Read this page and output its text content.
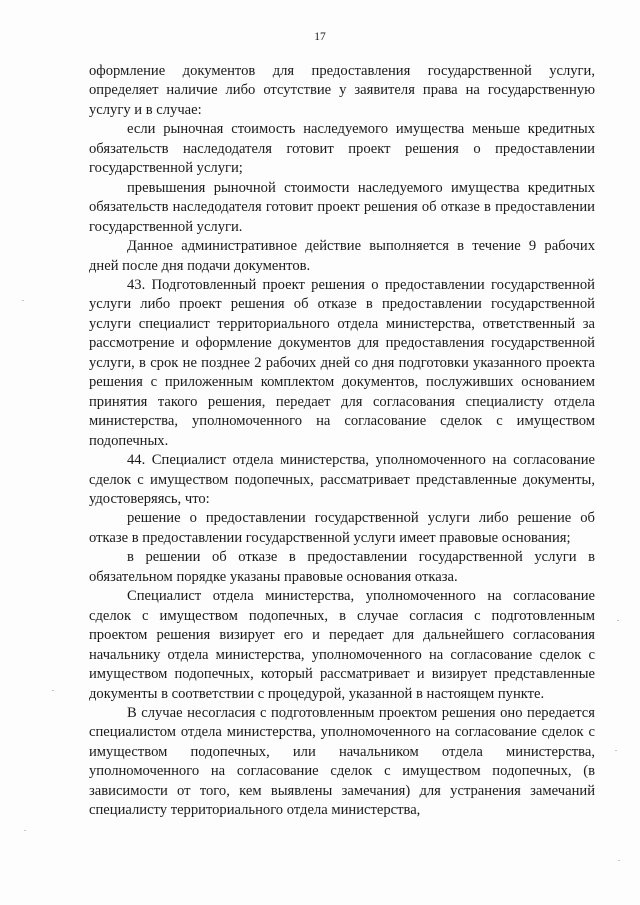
17

оформление документов для предоставления государственной услуги, определяет наличие либо отсутствие у заявителя права на государственную услугу и в случае:

если рыночная стоимость наследуемого имущества меньше кредитных обязательств наследодателя готовит проект решения о предоставлении государственной услуги;

превышения рыночной стоимости наследуемого имущества кредитных обязательств наследодателя готовит проект решения об отказе в предоставлении государственной услуги.

Данное административное действие выполняется в течение 9 рабочих дней после дня подачи документов.

43. Подготовленный проект решения о предоставлении государственной услуги либо проект решения об отказе в предоставлении государственной услуги специалист территориального отдела министерства, ответственный за рассмотрение и оформление документов для предоставления государственной услуги, в срок не позднее 2 рабочих дней со дня подготовки указанного проекта решения с приложенным комплектом документов, послуживших основанием принятия такого решения, передает для согласования специалисту отдела министерства, уполномоченного на согласование сделок с имуществом подопечных.

44. Специалист отдела министерства, уполномоченного на согласование сделок с имуществом подопечных, рассматривает представленные документы, удостоверяясь, что:

решение о предоставлении государственной услуги либо решение об отказе в предоставлении государственной услуги имеет правовые основания;

в решении об отказе в предоставлении государственной услуги в обязательном порядке указаны правовые основания отказа.

Специалист отдела министерства, уполномоченного на согласование сделок с имуществом подопечных, в случае согласия с подготовленным проектом решения визирует его и передает для дальнейшего согласования начальнику отдела министерства, уполномоченного на согласование сделок с имуществом подопечных, который рассматривает и визирует представленные документы в соответствии с процедурой, указанной в настоящем пункте.

В случае несогласия с подготовленным проектом решения оно передается специалистом отдела министерства, уполномоченного на согласование сделок с имуществом подопечных, или начальником отдела министерства, уполномоченного на согласование сделок с имуществом подопечных, (в зависимости от того, кем выявлены замечания) для устранения замечаний специалисту территориального отдела министерства,
